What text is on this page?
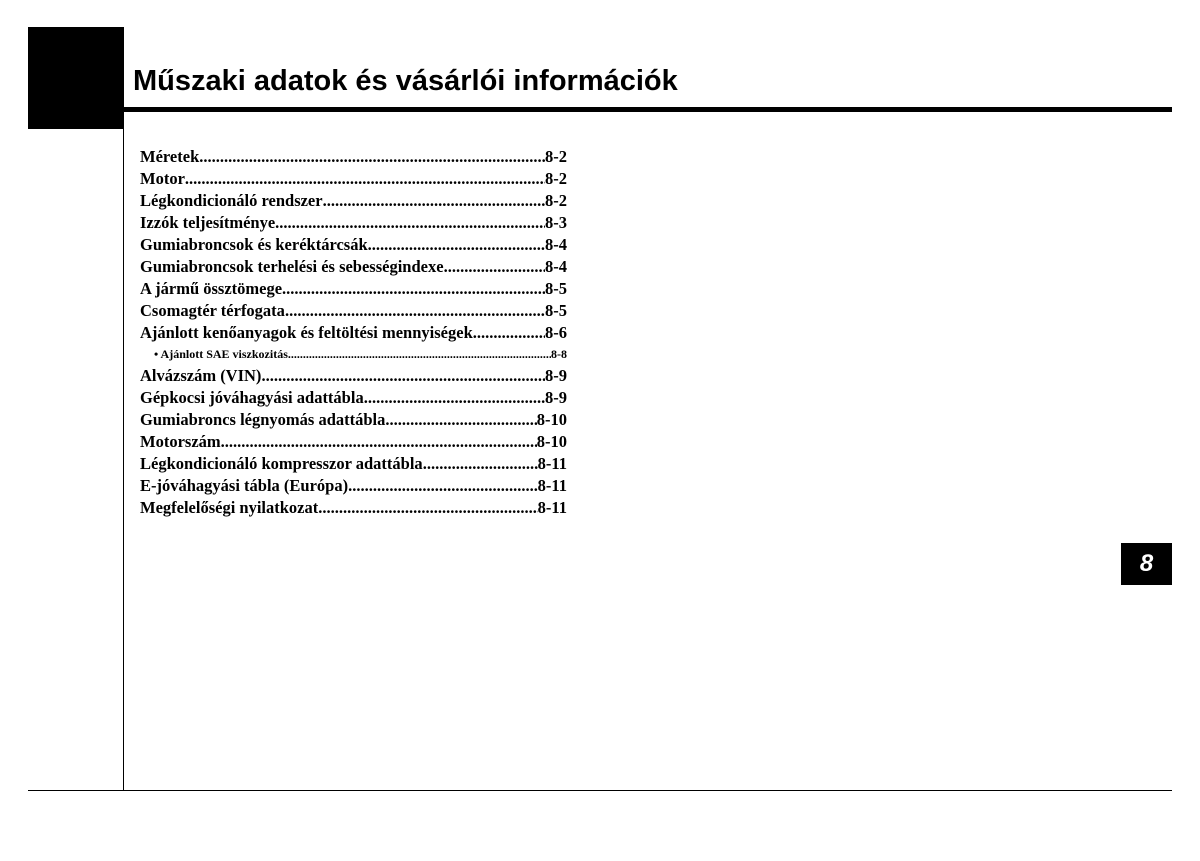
Műszaki adatok és vásárlói információk
Méretek .....	8-2
Motor .....	8-2
Légkondicionáló rendszer .....	8-2
Izzók teljesítménye .....	8-3
Gumiabroncsok és keréktárcsák .....	8-4
Gumiabroncsok terhelési és sebességindexe .....	8-4
A jármű össztömege .....	8-5
Csomagtér térfogata .....	8-5
Ajánlott kenőanyagok és feltöltési mennyiségek .....	8-6
• Ajánlott SAE viszkozitás .....	8-8
Alvázszám (VIN) .....	8-9
Gépkocsi jóváhagyási adattábla .....	8-9
Gumiabroncs légnyomás adattábla .....	8-10
Motorszám .....	8-10
Légkondicionáló kompresszor adattábla .....	8-11
E-jóváhagyási tábla (Európa) .....	8-11
Megfelelőségi nyilatkozat .....	8-11
8
